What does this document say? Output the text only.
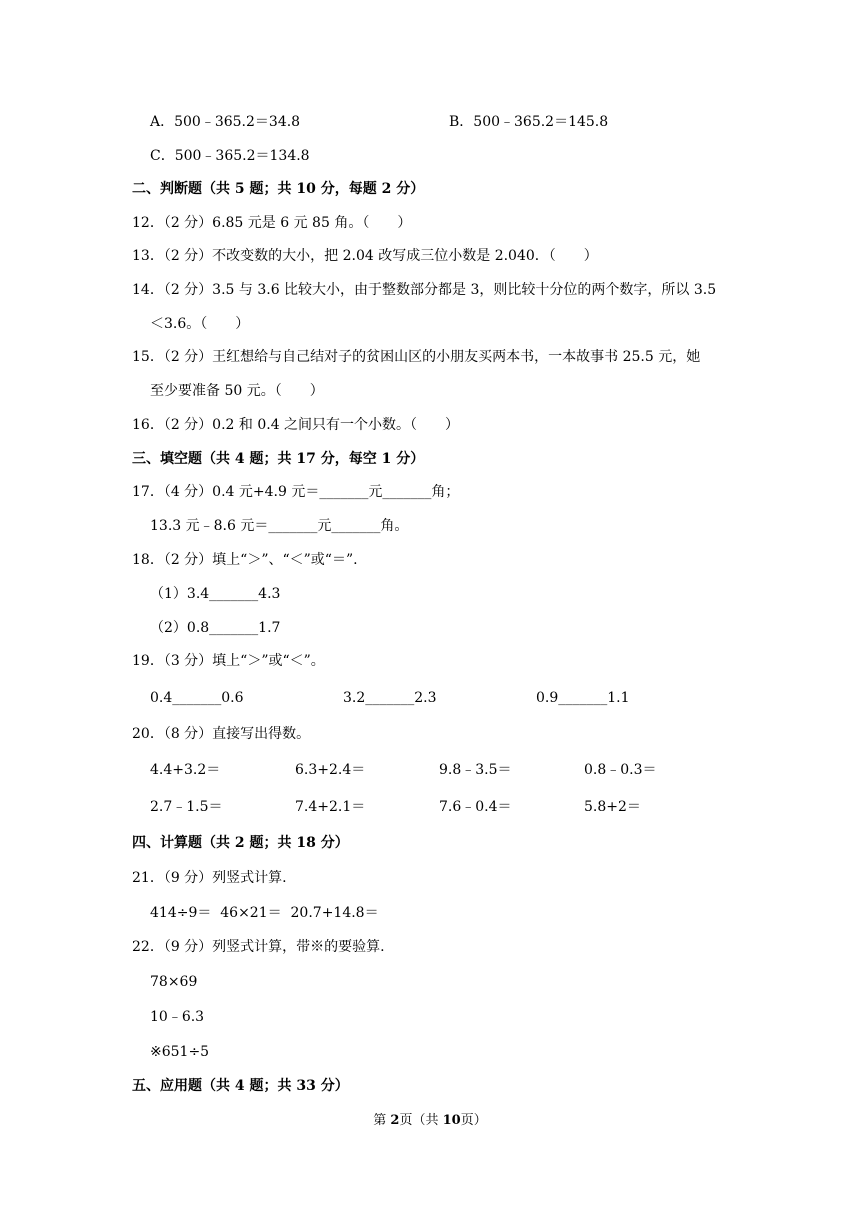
A．500﹣365.2＝34.8	B．500﹣365.2＝145.8
C．500﹣365.2＝134.8
二、判断题（共 5 题；共 10 分，每题 2 分）
12．（2 分）6.85 元是 6 元 85 角。（　　）
13．（2 分）不改变数的大小，把 2.04 改写成三位小数是 2.040．（　　）
14．（2 分）3.5 与 3.6 比较大小，由于整数部分都是 3，则比较十分位的两个数字，所以 3.5
＜3.6。（　　）
15．（2 分）王红想给与自己结对子的贫困山区的小朋友买两本书，一本故事书 25.5 元，她
至少要准备 50 元。（　　）
16．（2 分）0.2 和 0.4 之间只有一个小数。（　　）
三、填空题（共 4 题；共 17 分，每空 1 分）
17．（4 分）0.4 元+4.9 元＝_______元_______角；
13.3 元﹣8.6 元＝_______元_______角。
18．（2 分）填上“＞”、“＜”或“＝”.
（1）3.4_______4.3
（2）0.8_______1.7
19．（3 分）填上“＞”或“＜”。
0.4_______0.6	3.2_______2.3	0.9_______1.1
20．（8 分）直接写出得数。
4.4+3.2＝	6.3+2.4＝	9.8﹣3.5＝	0.8﹣0.3＝
2.7﹣1.5＝	7.4+2.1＝	7.6﹣0.4＝	5.8+2＝
四、计算题（共 2 题；共 18 分）
21．（9 分）列竖式计算.
414÷9＝  46×21＝  20.7+14.8＝
22．（9 分）列竖式计算，带※的要验算.
78×69
10﹣6.3
※651÷5
五、应用题（共 4 题；共 33 分）
第 2页（共 10页）
